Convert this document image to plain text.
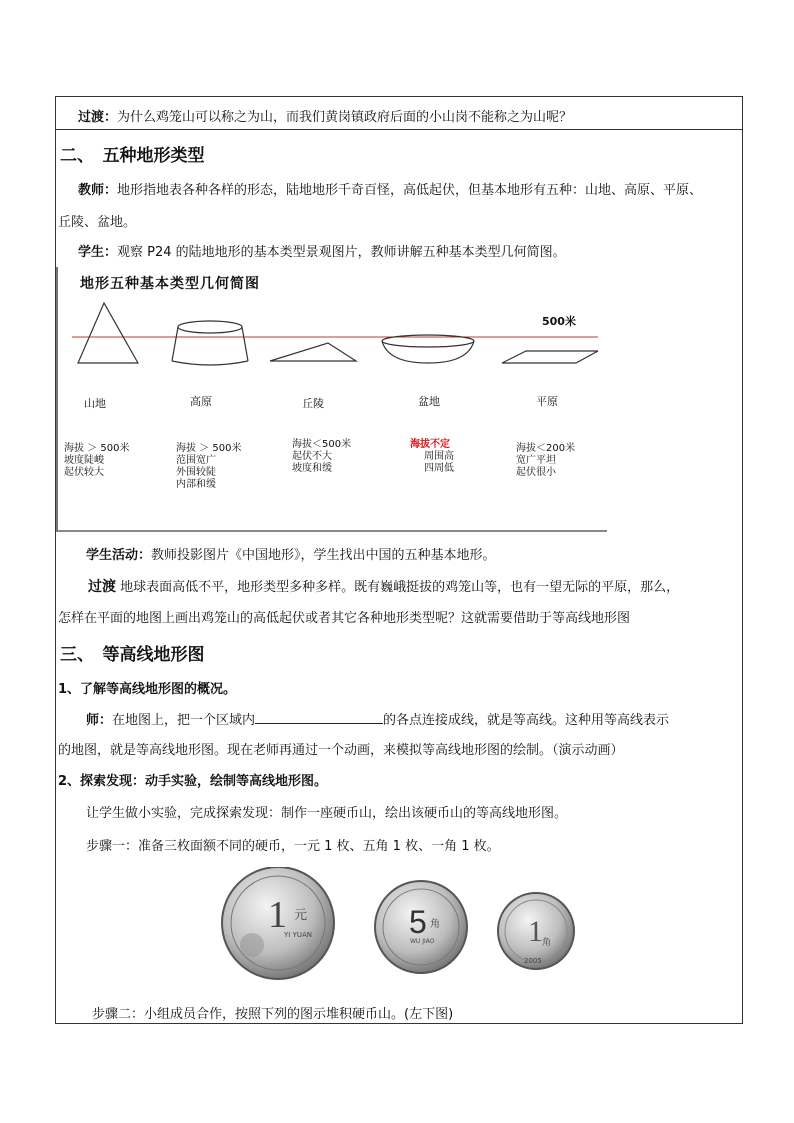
过渡：为什么鸡笼山可以称之为山，而我们黄岗镇政府后面的小山岗不能称之为山呢？
二、　五种地形类型
教师：地形指地表各种各样的形态，陆地地形千奇百怪，高低起伏，但基本地形有五种：山地、高原、平原、
丘陵、盆地。
学生：观察 P24 的陆地地形的基本类型景观图片，教师讲解五种基本类型几何简图。
地形五种基本类型几何简图
500米
山地	高原	丘陵	盆地	平原
海拔 ＞ 500米
坡度陡峻
起伏较大
海拔 ＞ 500米
范围宽广
外围较陡
内部和缓
海拔＜500米
起伏不大
坡度和缓
海拔不定
周围高
四周低
海拔＜200米
宽广平坦
起伏很小
学生活动：教师投影图片《中国地形》，学生找出中国的五种基本地形。
过渡 地球表面高低不平，地形类型多种多样。既有巍峨挺拔的鸡笼山等，也有一望无际的平原，那么，
怎样在平面的地图上画出鸡笼山的高低起伏或者其它各种地形类型呢？这就需要借助于等高线地形图
三、　等高线地形图
1、了解等高线地形图的概况。
师：在地图上，把一个区域内	的各点连接成线，就是等高线。这种用等高线表示
的地图，就是等高线地形图。现在老师再通过一个动画，来模拟等高线地形图的绘制。（演示动画）
2、探索发现：动手实验，绘制等高线地形图。
让学生做小实验，完成探索发现：制作一座硬币山，绘出该硬币山的等高线地形图。
步骤一：准备三枚面额不同的硬币，一元 1 枚、五角 1 枚、一角 1 枚。
1 元
YI YUAN	5 角
WU JIAO	1 角
2005
步骤二：小组成员合作，按照下列的图示堆积硬币山。(左下图)
